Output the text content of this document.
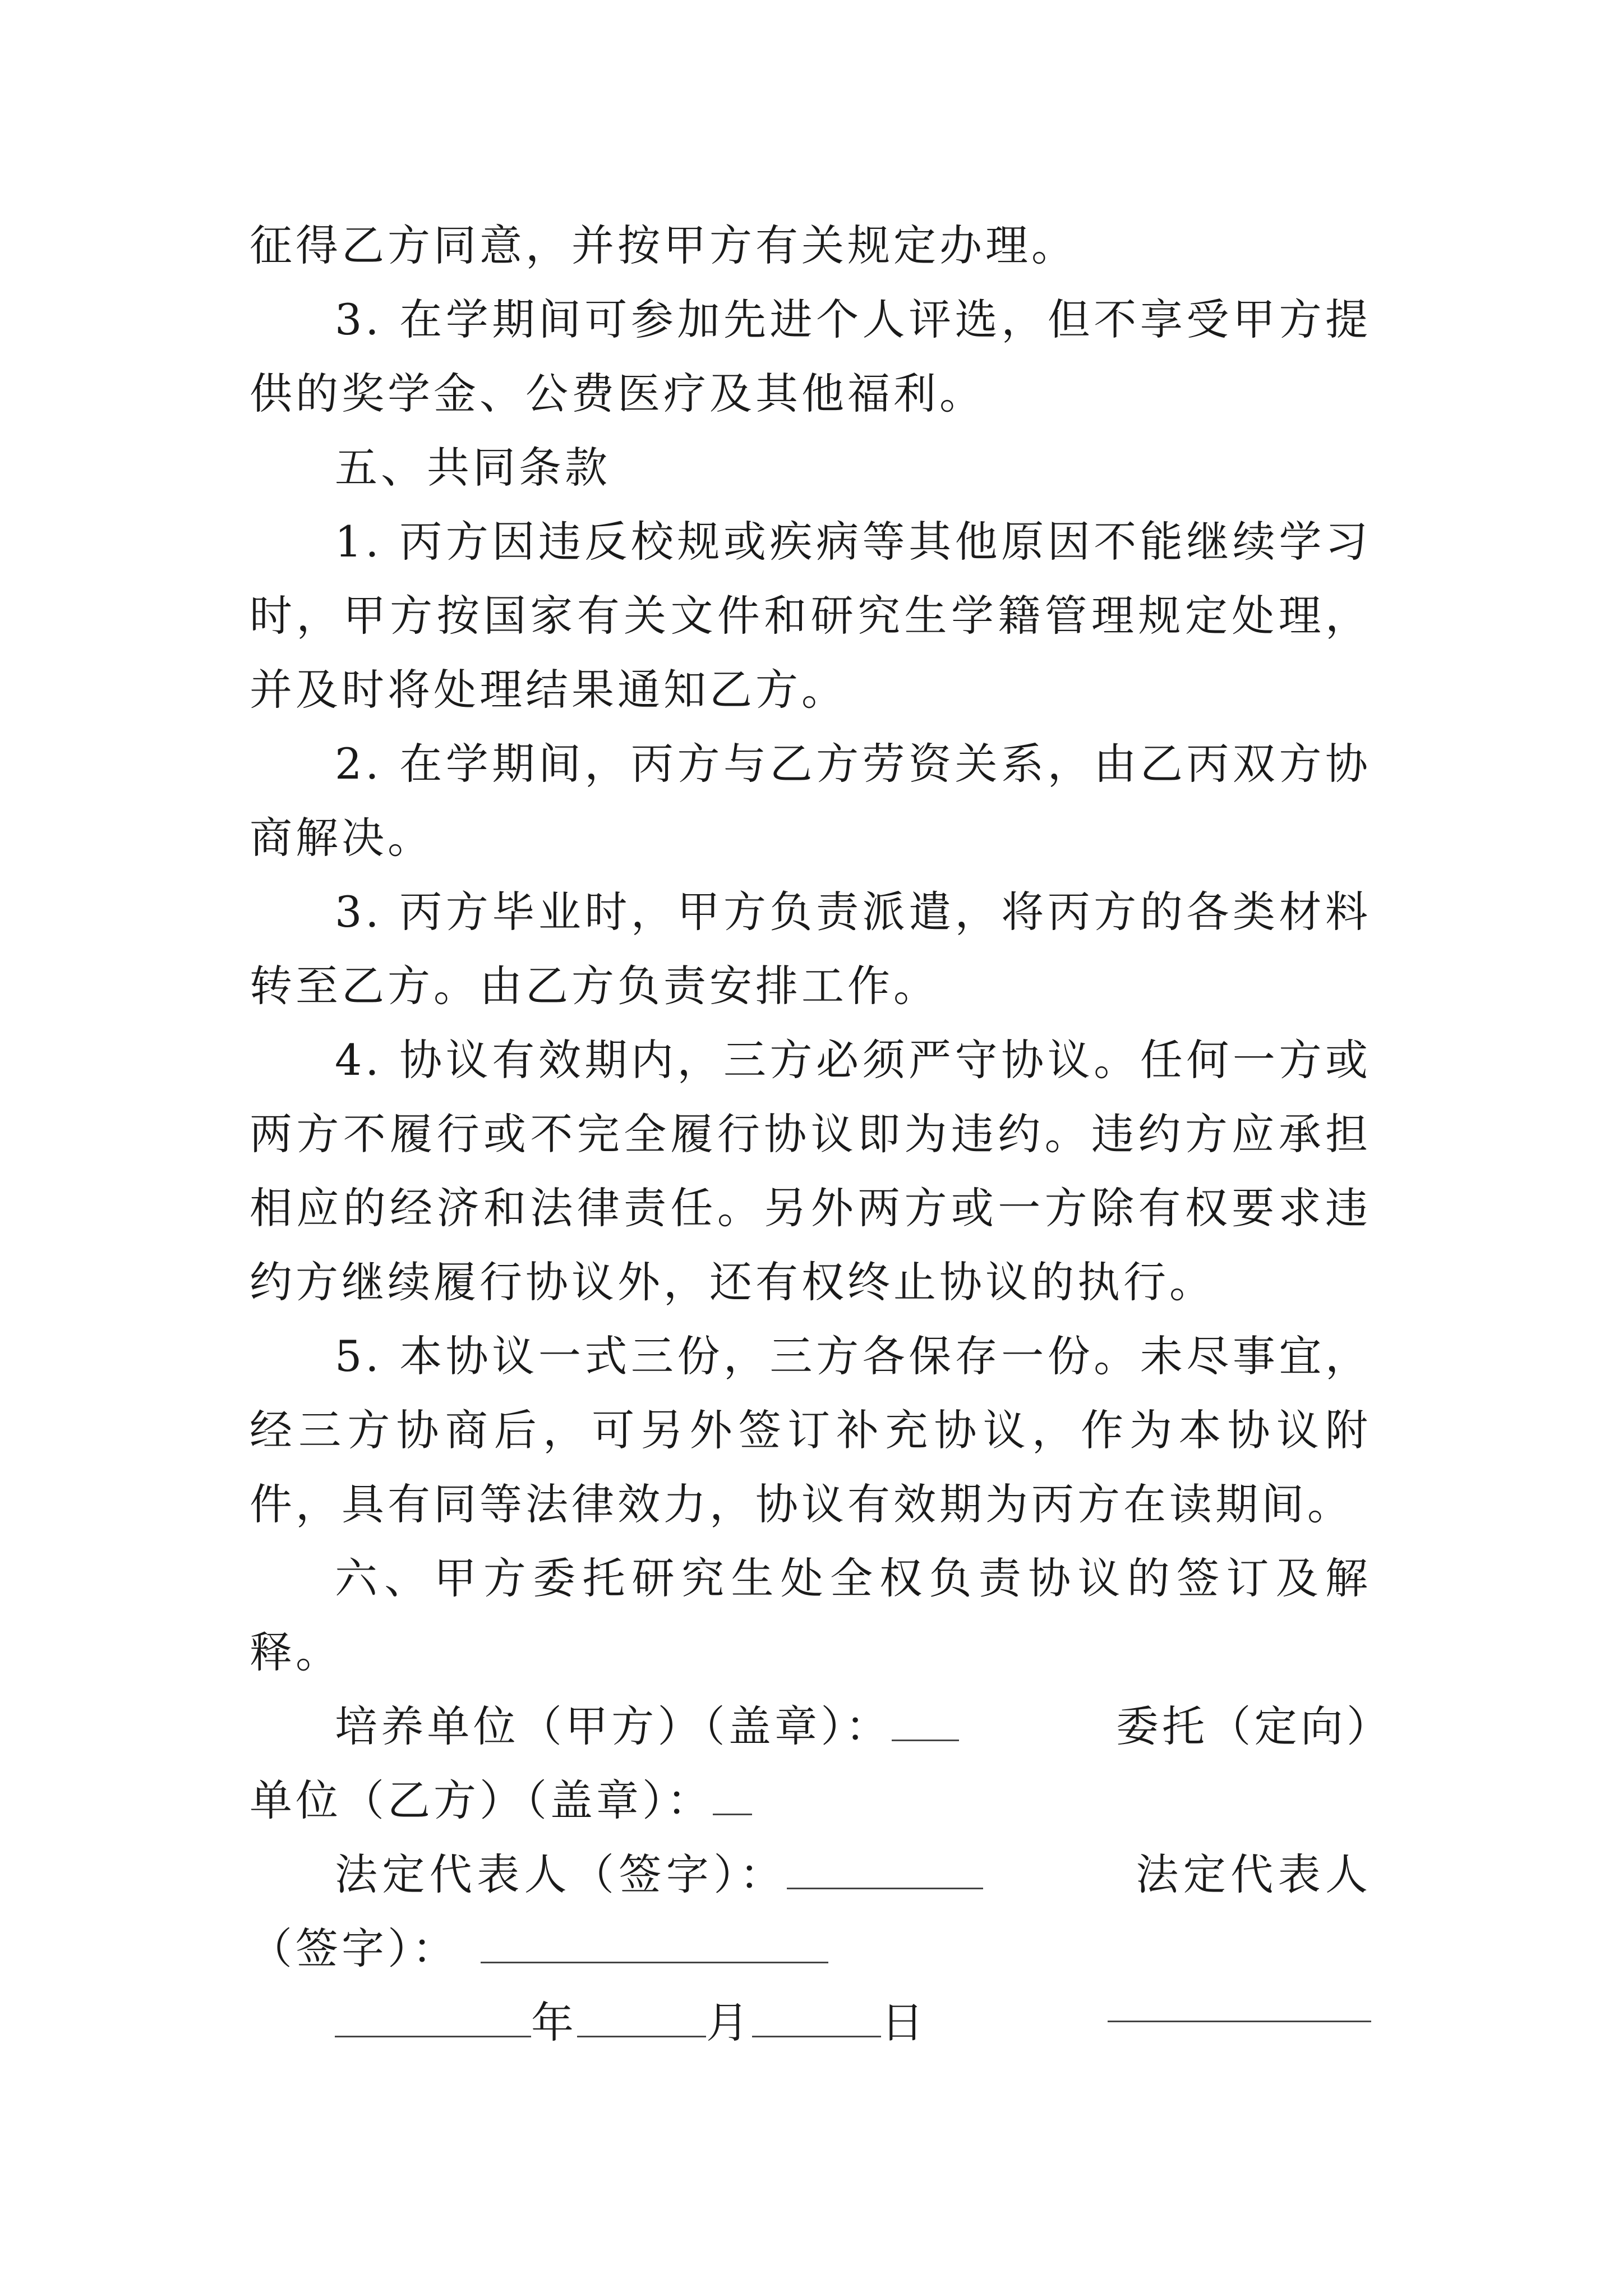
征得乙方同意，并按甲方有关规定办理。

3. 在学期间可参加先进个人评选，但不享受甲方提供的奖学金、公费医疗及其他福利。

五、共同条款

1. 丙方因违反校规或疾病等其他原因不能继续学习时，甲方按国家有关文件和研究生学籍管理规定处理，并及时将处理结果通知乙方。

2. 在学期间，丙方与乙方劳资关系，由乙丙双方协商解决。

3. 丙方毕业时，甲方负责派遣，将丙方的各类材料转至乙方。由乙方负责安排工作。

4. 协议有效期内，三方必须严守协议。任何一方或两方不履行或不完全履行协议即为违约。违约方应承担相应的经济和法律责任。另外两方或一方除有权要求违约方继续履行协议外，还有权终止协议的执行。

5. 本协议一式三份，三方各保存一份。未尽事宜，经三方协商后，可另外签订补充协议，作为本协议附件，具有同等法律效力，协议有效期为丙方在读期间。

六、甲方委托研究生处全权负责协议的签订及解释。

培养单位（甲方）（盖章）：	委托（定向）单位（乙方）（盖章）：

法定代表人（签字）：	法定代表人（签字）：

年	月	日
